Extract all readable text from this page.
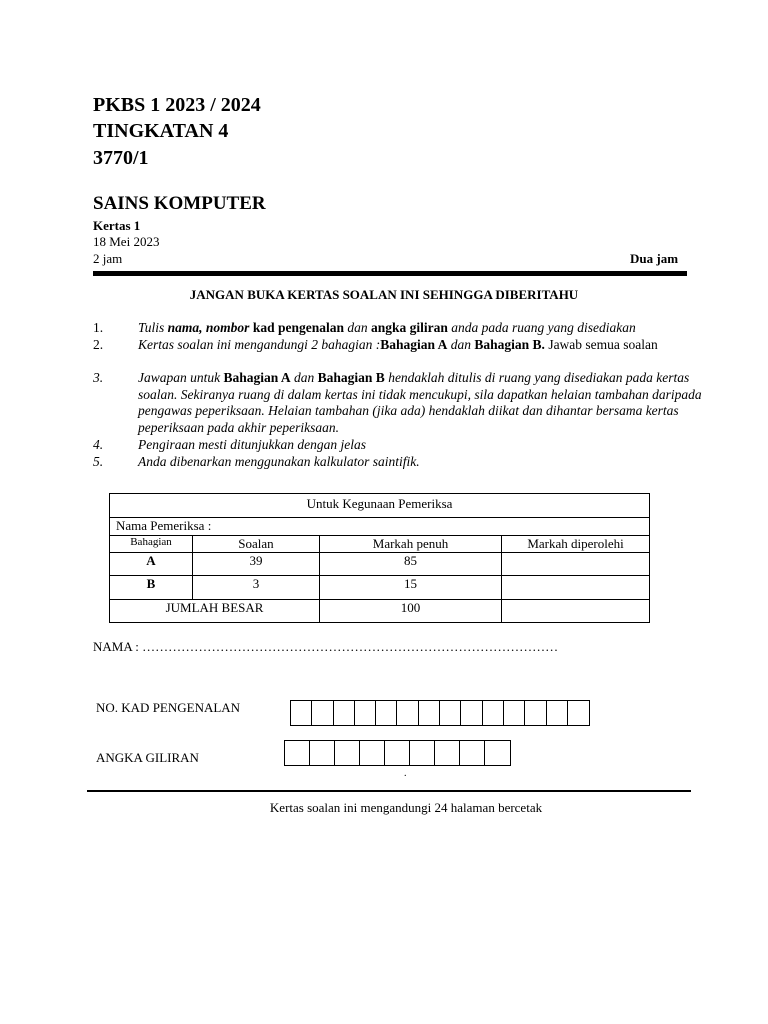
PKBS 1 2023 / 2024
TINGKATAN 4
3770/1
SAINS KOMPUTER
Kertas 1
18 Mei 2023
2 jam	Dua jam
JANGAN BUKA KERTAS SOALAN INI SEHINGGA DIBERITAHU
1.	Tulis nama, nombor kad pengenalan dan angka giliran anda pada ruang yang disediakan
2.	Kertas soalan ini mengandungi 2 bahagian :Bahagian A dan Bahagian B. Jawab semua soalan
3.	Jawapan untuk Bahagian A dan Bahagian B hendaklah ditulis di ruang yang disediakan pada kertas soalan. Sekiranya ruang di dalam kertas ini tidak mencukupi, sila dapatkan helaian tambahan daripada pengawas peperiksaan. Helaian tambahan (jika ada) hendaklah diikat dan dihantar bersama kertas peperiksaan pada akhir peperiksaan.
4.	Pengiraan mesti ditunjukkan dengan jelas
5.	Anda dibenarkan menggunakan kalkulator saintifik.
Untuk Kegunaan Pemeriksa			
Nama Pemeriksa :			
Bahagian	Soalan	Markah penuh	Markah diperolehi
A	39	85	
B	3	15	
JUMLAH BESAR		100	
NAMA : ……………………………………………………………………………………
NO. KAD PENGENALAN
ANGKA GILIRAN
.
Kertas soalan ini mengandungi 24 halaman bercetak
